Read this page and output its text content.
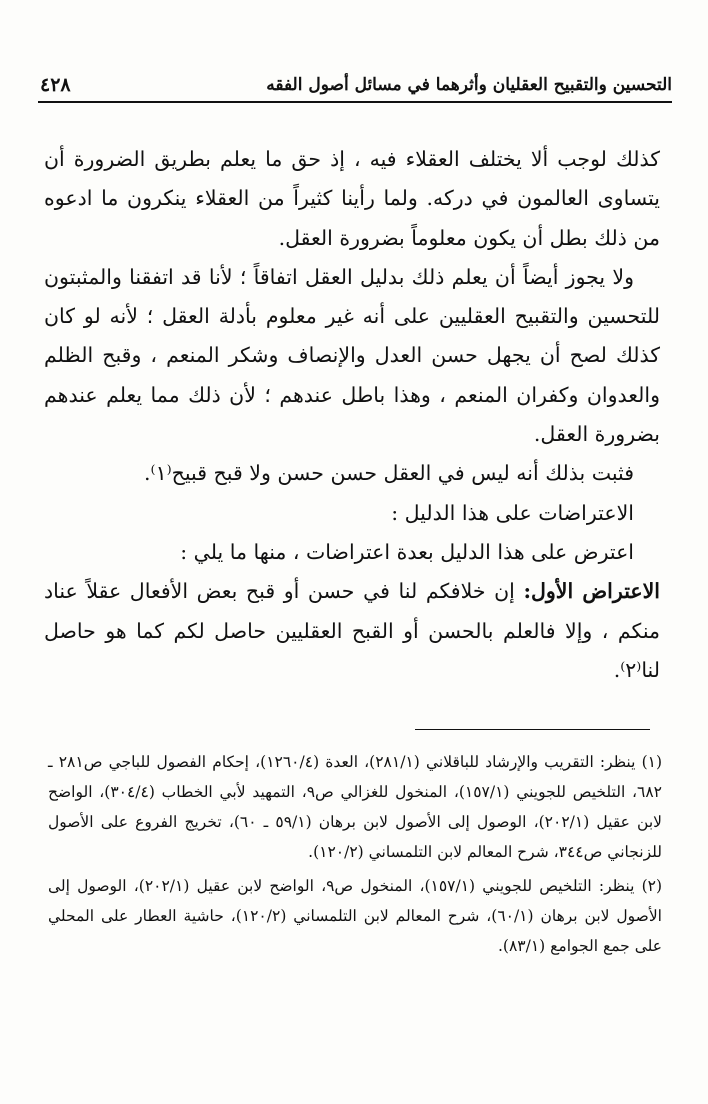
التحسين والتقبيح العقليان وأثرهما في مسائل أصول الفقه
٤٢٨

كذلك لوجب ألا يختلف العقلاء فيه ، إذ حق ما يعلم بطريق الضرورة أن يتساوى العالمون في دركه. ولما رأينا كثيراً من العقلاء ينكرون ما ادعوه من ذلك بطل أن يكون معلوماً بضرورة العقل.

ولا يجوز أيضاً أن يعلم ذلك بدليل العقل اتفاقاً ؛ لأنا قد اتفقنا والمثبتون للتحسين والتقبيح العقليين على أنه غير معلوم بأدلة العقل ؛ لأنه لو كان كذلك لصح أن يجهل حسن العدل والإنصاف وشكر المنعم ، وقبح الظلم والعدوان وكفران المنعم ، وهذا باطل عندهم ؛ لأن ذلك مما يعلم عندهم بضرورة العقل.

فثبت بذلك أنه ليس في العقل حسن حسن ولا قبح قبيح⁽١⁾.

الاعتراضات على هذا الدليل :

اعترض على هذا الدليل بعدة اعتراضات ، منها ما يلي :

الاعتراض الأول: إن خلافكم لنا في حسن أو قبح بعض الأفعال عقلاً عناد منكم ، وإلا فالعلم بالحسن أو القبح العقليين حاصل لكم كما هو حاصل لنا⁽٢⁾.

(١) ينظر: التقريب والإرشاد للباقلاني (٢٨١/١)، العدة (١٢٦٠/٤)، إحكام الفصول للباجي ص٢٨١ ـ ٦٨٢، التلخيص للجويني (١٥٧/١)، المنخول للغزالي ص٩، التمهيد لأبي الخطاب (٣٠٤/٤)، الواضح لابن عقيل (٢٠٢/١)، الوصول إلى الأصول لابن برهان (٥٩/١ ـ ٦٠)، تخريج الفروع على الأصول للزنجاني ص٣٤٤، شرح المعالم لابن التلمساني (١٢٠/٢).

(٢) ينظر: التلخيص للجويني (١٥٧/١)، المنخول ص٩، الواضح لابن عقيل (٢٠٢/١)، الوصول إلى الأصول لابن برهان (٦٠/١)، شرح المعالم لابن التلمساني (١٢٠/٢)، حاشية العطار على المحلي على جمع الجوامع (٨٣/١).
